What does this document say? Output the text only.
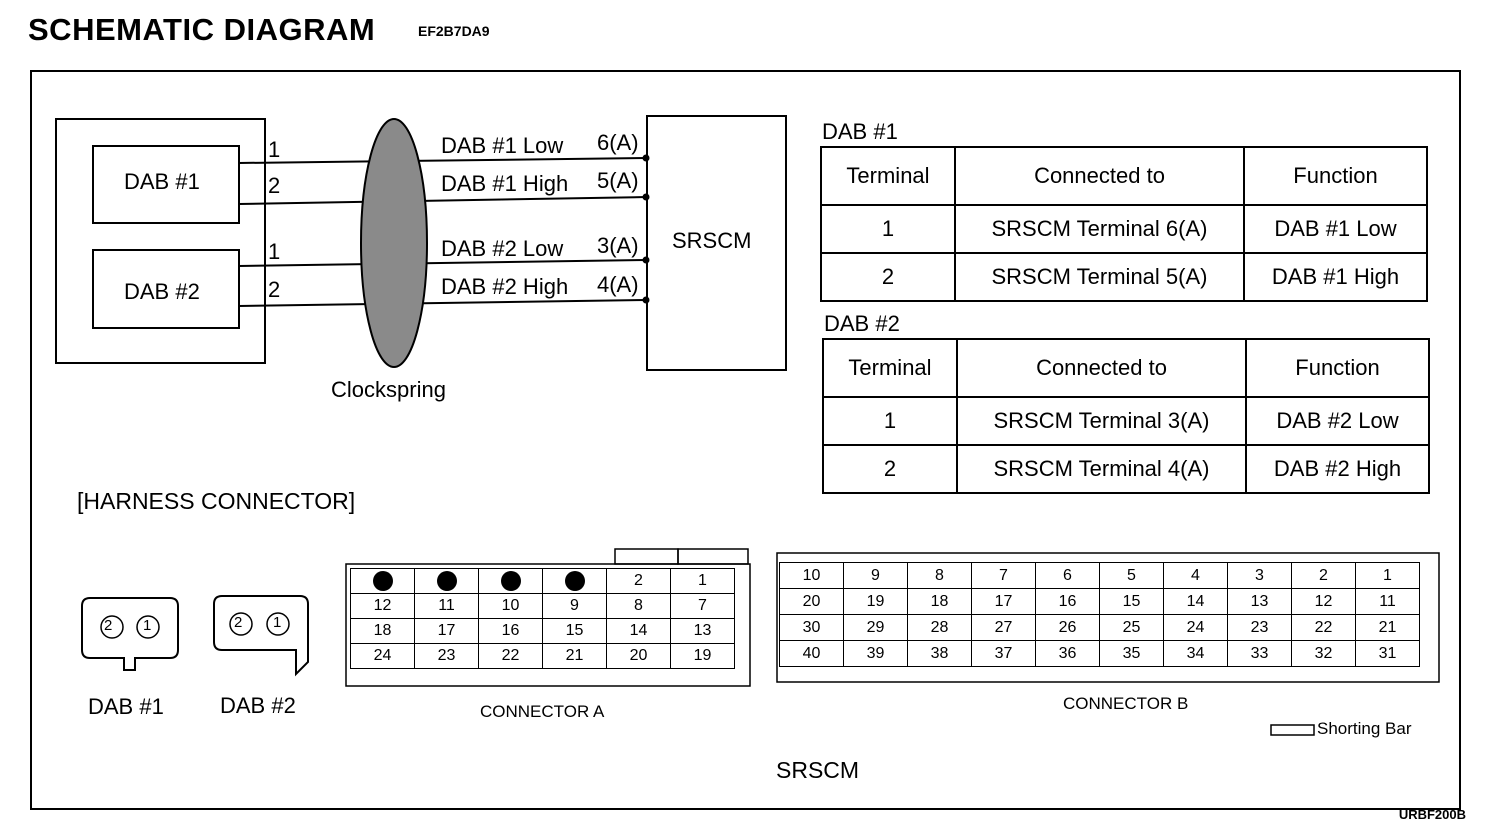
SCHEMATIC DIAGRAM	EF2B7DA9
DAB #1
DAB #2
1
2
1
2
Clockspring
SRSCM
DAB #1 Low 6(A)
DAB #1 High 5(A)
DAB #2 Low 3(A)
DAB #2 High 4(A)
DAB #1
Terminal	Connected to	Function
1	SRSCM Terminal 6(A)	DAB #1 Low
2	SRSCM Terminal 5(A)	DAB #1 High
DAB #2
Terminal	Connected to	Function
1	SRSCM Terminal 3(A)	DAB #2 Low
2	SRSCM Terminal 4(A)	DAB #2 High
[HARNESS CONNECTOR]
2 1	2 1
DAB #1	DAB #2
				2	1
12	11	10	9	8	7
18	17	16	15	14	13
24	23	22	21	20	19
CONNECTOR A
10	9	8	7	6	5	4	3	2	1
20	19	18	17	16	15	14	13	12	11
30	29	28	27	26	25	24	23	22	21
40	39	38	37	36	35	34	33	32	31
CONNECTOR B
Shorting Bar
SRSCM
URBF200B
